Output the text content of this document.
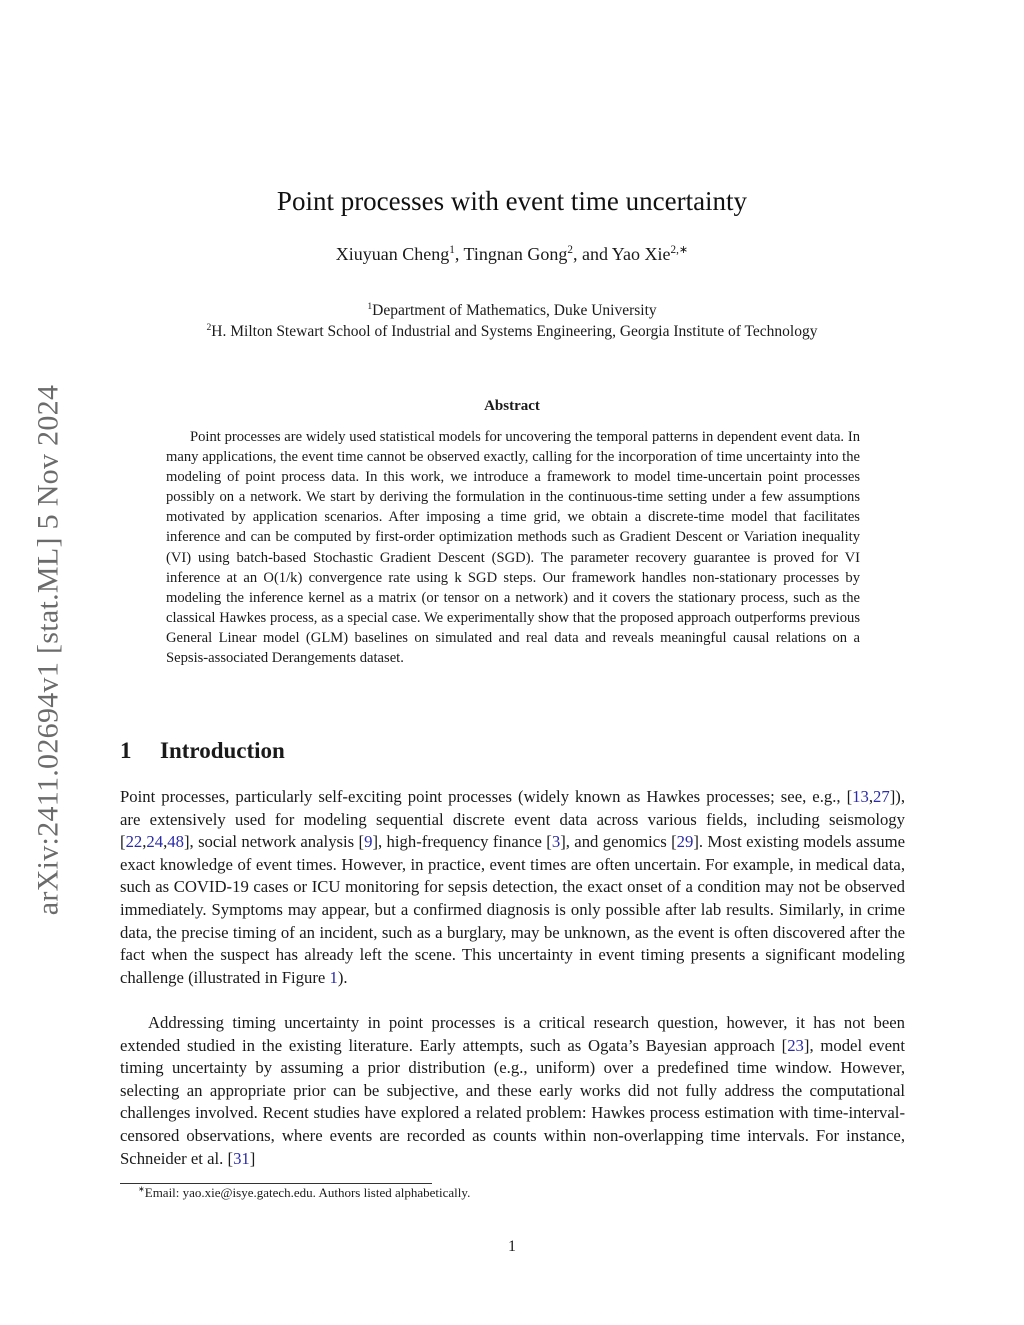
arXiv:2411.02694v1 [stat.ML] 5 Nov 2024
Point processes with event time uncertainty
Xiuyuan Cheng$^1$, Tingnan Gong$^2$, and Yao Xie$^{2,∗}$
$^1$Department of Mathematics, Duke University
$^2$H. Milton Stewart School of Industrial and Systems Engineering, Georgia Institute of Technology
Abstract

Point processes are widely used statistical models for uncovering the temporal patterns in dependent event data. In many applications, the event time cannot be observed exactly, calling for the incorporation of time uncertainty into the modeling of point process data. In this work, we introduce a framework to model time-uncertain point processes possibly on a network. We start by deriving the formulation in the continuous-time setting under a few assumptions motivated by application scenarios. After imposing a time grid, we obtain a discrete-time model that facilitates inference and can be computed by first-order optimization methods such as Gradient Descent or Variation inequality (VI) using batch-based Stochastic Gradient Descent (SGD). The parameter recovery guarantee is proved for VI inference at an O(1/k) convergence rate using k SGD steps. Our framework handles non-stationary processes by modeling the inference kernel as a matrix (or tensor on a network) and it covers the stationary process, such as the classical Hawkes process, as a special case. We experimentally show that the proposed approach outperforms previous General Linear model (GLM) baselines on simulated and real data and reveals meaningful causal relations on a Sepsis-associated Derangements dataset.

1 Introduction

Point processes, particularly self-exciting point processes (widely known as Hawkes processes; see, e.g., [13,27]), are extensively used for modeling sequential discrete event data across various fields, including seismology [22,24,48], social network analysis [9], high-frequency finance [3], and genomics [29]. Most existing models assume exact knowledge of event times. However, in practice, event times are often uncertain. For example, in medical data, such as COVID-19 cases or ICU monitoring for sepsis detection, the exact onset of a condition may not be observed immediately. Symptoms may appear, but a confirmed diagnosis is only possible after lab results. Similarly, in crime data, the precise timing of an incident, such as a burglary, may be unknown, as the event is often discovered after the fact when the suspect has already left the scene. This uncertainty in event timing presents a significant modeling challenge (illustrated in Figure 1).

Addressing timing uncertainty in point processes is a critical research question, however, it has not been extended studied in the existing literature. Early attempts, such as Ogata’s Bayesian approach [23], model event timing uncertainty by assuming a prior distribution (e.g., uniform) over a predefined time window. However, selecting an appropriate prior can be subjective, and these early works did not fully address the computational challenges involved. Recent studies have explored a related problem: Hawkes process estimation with time-interval-censored observations, where events are recorded as counts within non-overlapping time intervals. For instance, Schneider et al. [31]

∗Email: yao.xie@isye.gatech.edu. Authors listed alphabetically.

1
